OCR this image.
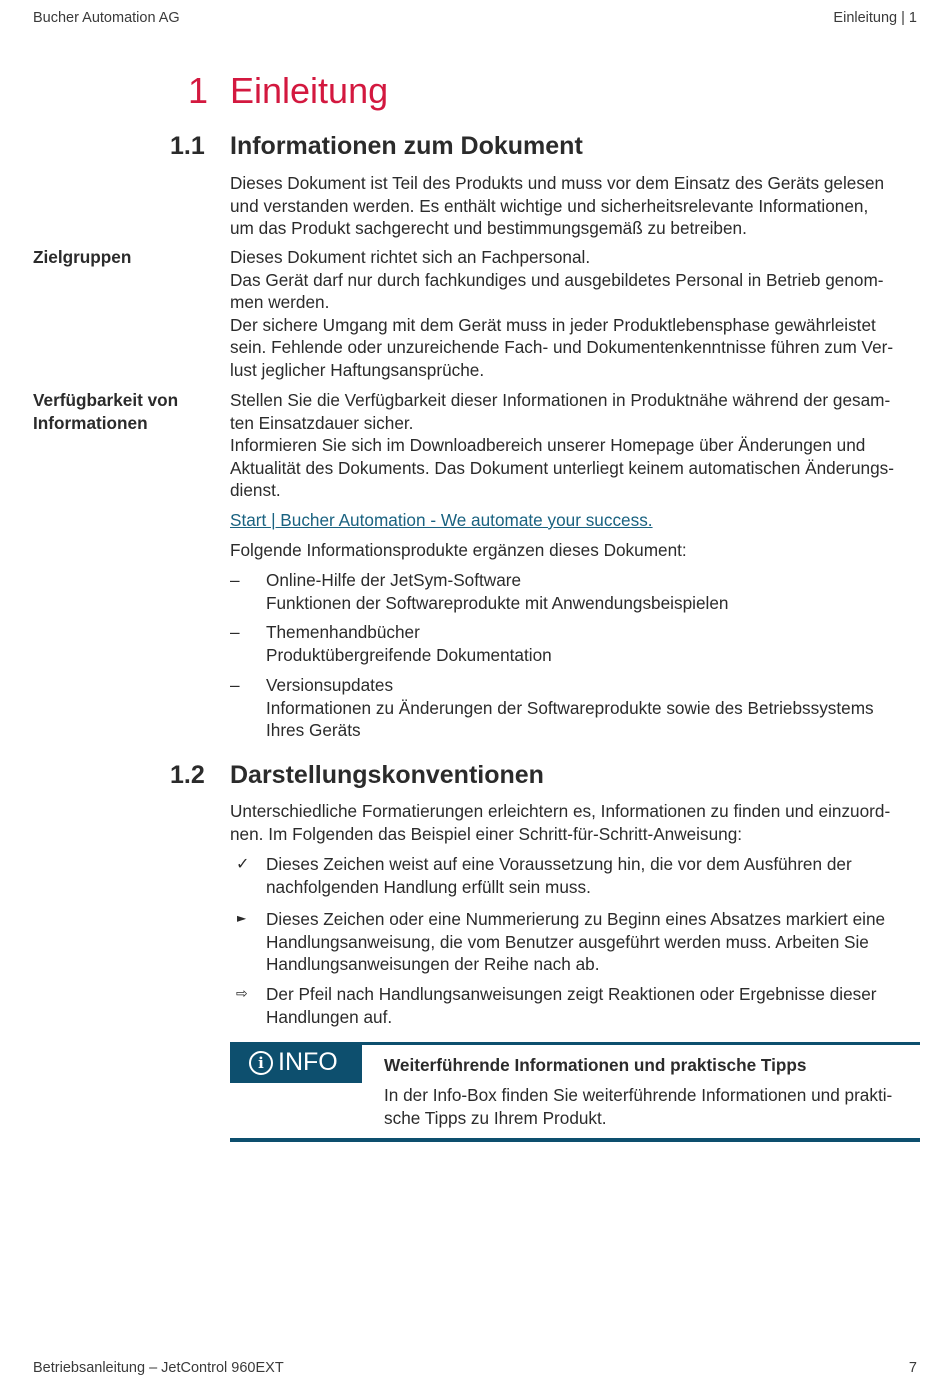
Bucher Automation AG	Einleitung | 1
1 Einleitung
1.1 Informationen zum Dokument
Dieses Dokument ist Teil des Produkts und muss vor dem Einsatz des Geräts gelesen
und verstanden werden. Es enthält wichtige und sicherheitsrelevante Informationen,
um das Produkt sachgerecht und bestimmungsgemäß zu betreiben.
Zielgruppen	Dieses Dokument richtet sich an Fachpersonal.
Das Gerät darf nur durch fachkundiges und ausgebildetes Personal in Betrieb genom-
men werden.
Der sichere Umgang mit dem Gerät muss in jeder Produktlebensphase gewährleistet
sein. Fehlende oder unzureichende Fach- und Dokumentenkenntnisse führen zum Ver-
lust jeglicher Haftungsansprüche.
Verfügbarkeit von
Informationen
Stellen Sie die Verfügbarkeit dieser Informationen in Produktnähe während der gesam-
ten Einsatzdauer sicher.
Informieren Sie sich im Downloadbereich unserer Homepage über Änderungen und
Aktualität des Dokuments. Das Dokument unterliegt keinem automatischen Änderungs-
dienst.
Start | Bucher Automation - We automate your success.
Folgende Informationsprodukte ergänzen dieses Dokument:
– Online-Hilfe der JetSym-Software
Funktionen der Softwareprodukte mit Anwendungsbeispielen
– Themenhandbücher
Produktübergreifende Dokumentation
– Versionsupdates
Informationen zu Änderungen der Softwareprodukte sowie des Betriebssystems
Ihres Geräts
1.2 Darstellungskonventionen
Unterschiedliche Formatierungen erleichtern es, Informationen zu finden und einzuord-
nen. Im Folgenden das Beispiel einer Schritt-für-Schritt-Anweisung:
✓ Dieses Zeichen weist auf eine Voraussetzung hin, die vor dem Ausführen der
nachfolgenden Handlung erfüllt sein muss.
► Dieses Zeichen oder eine Nummerierung zu Beginn eines Absatzes markiert eine
Handlungsanweisung, die vom Benutzer ausgeführt werden muss. Arbeiten Sie
Handlungsanweisungen der Reihe nach ab.
⇨ Der Pfeil nach Handlungsanweisungen zeigt Reaktionen oder Ergebnisse dieser
Handlungen auf.
i INFO	Weiterführende Informationen und praktische Tipps
In der Info-Box finden Sie weiterführende Informationen und prakti-
sche Tipps zu Ihrem Produkt.
Betriebsanleitung – JetControl 960EXT	7
